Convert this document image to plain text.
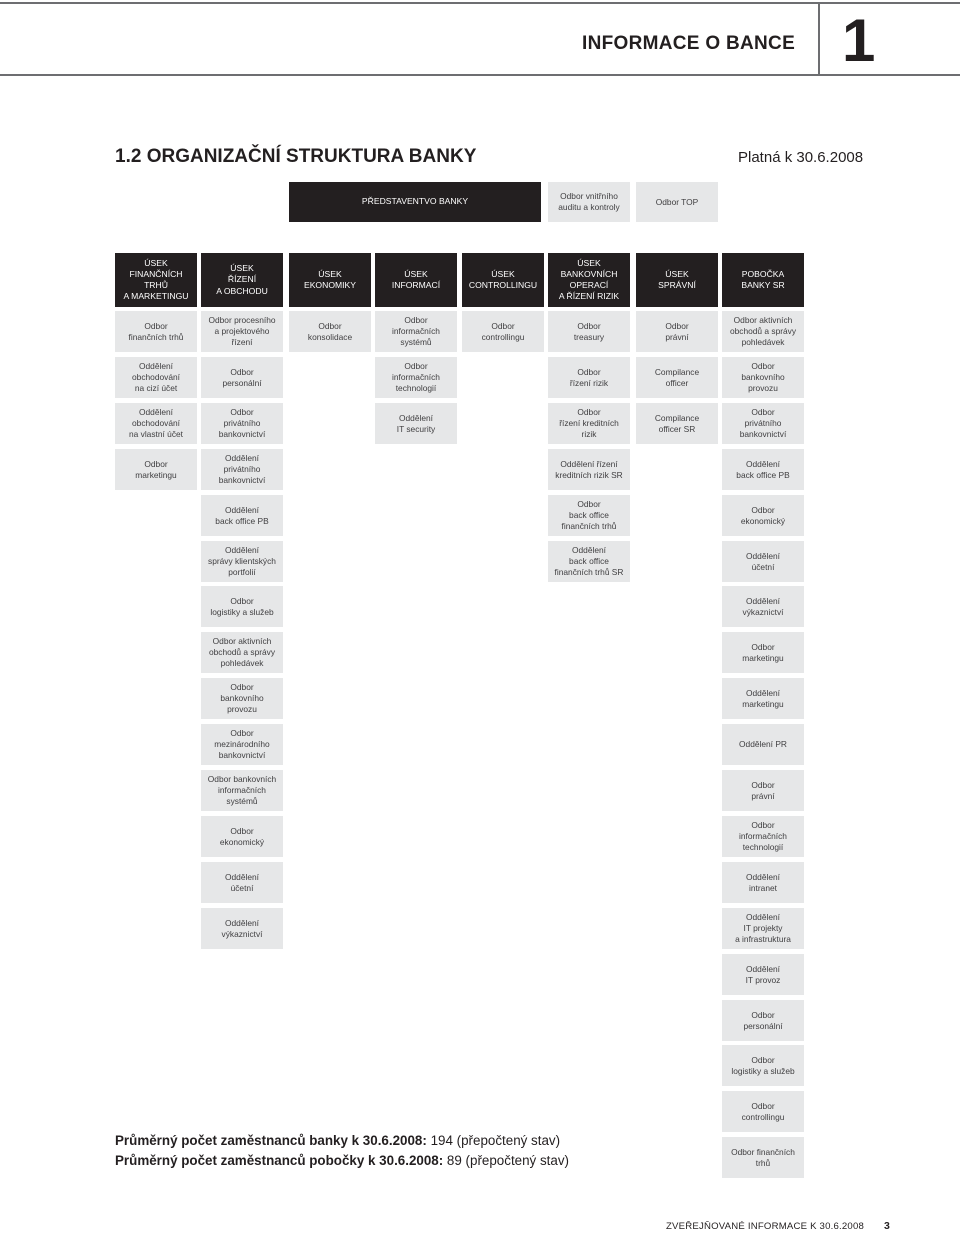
INFORMACE O BANCE 1
1.2 ORGANIZAČNÍ STRUKTURA BANKY	Platná k 30.6.2008
PŘEDSTAVENTVO BANKY
Odbor vnitřního
auditu a kontroly
Odbor TOP
ÚSEK
FINANČNÍCH TRHŮ
A MARKETINGU
ÚSEK
ŘÍZENÍ
A OBCHODU
ÚSEK
EKONOMIKY
ÚSEK
INFORMACÍ
ÚSEK
CONTROLLINGU
ÚSEK
BANKOVNÍCH
OPERACÍ
A ŘÍZENÍ RIZIK
ÚSEK
SPRÁVNÍ
POBOČKA
BANKY SR
Odbor
finančních trhů
Oddělení
obchodování
na cizí účet
Oddělení
obchodování
na vlastní účet
Odbor
marketingu
Odbor procesního
a projektového
řízení
Odbor
personální
Odbor
privátního
bankovnictví
Oddělení
privátního
bankovnictví
Oddělení
back office PB
Oddělení
správy klientských
portfolií
Odbor
logistiky a služeb
Odbor aktivních
obchodů a správy
pohledávek
Odbor
bankovního
provozu
Odbor
mezinárodního
bankovnictví
Odbor bankovních
informačních
systémů
Odbor
ekonomický
Oddělení
účetní
Oddělení
výkaznictví
Odbor
konsolidace
Odbor
informačních
systémů
Odbor
informačních
technologií
Oddělení
IT security
Odbor
controllingu
Odbor
treasury
Odbor
řízení rizik
Odbor
řízení kreditních
rizik
Oddělení řízení
kreditních rizik SR
Odbor
back office
finančních trhů
Oddělení
back office
finančních trhů SR
Odbor
právní
Compilance
officer
Compilance
officer SR
Odbor aktivních
obchodů a správy
pohledávek
Odbor
bankovního
provozu
Odbor
privátního
bankovnictví
Oddělení
back office PB
Odbor
ekonomický
Oddělení
účetní
Oddělení
výkaznictví
Odbor
marketingu
Oddělení
marketingu
Oddělení PR
Odbor
právní
Odbor
informačních
technologií
Oddělení
intranet
Oddělení
IT projekty
a infrastruktura
Oddělení
IT provoz
Odbor
personální
Odbor
logistiky a služeb
Odbor
controllingu
Odbor finančních
trhů
Průměrný počet zaměstnanců banky k 30.6.2008: 194 (přepočtený stav)
Průměrný počet zaměstnanců pobočky k 30.6.2008: 89 (přepočtený stav)
ZVEŘEJŇOVANÉ INFORMACE K 30.6.2008 3
